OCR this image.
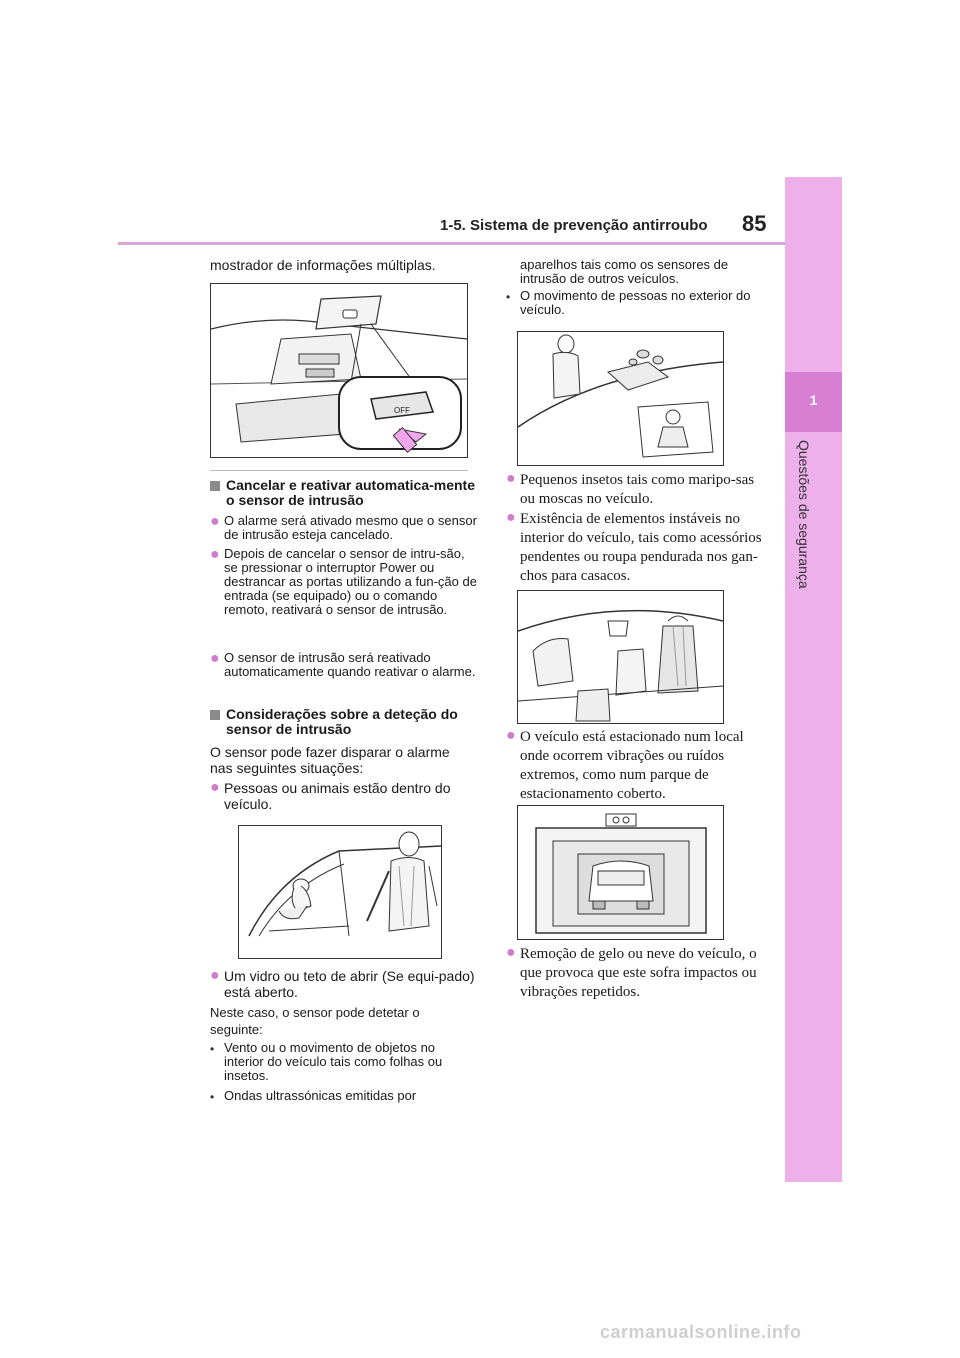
1
Questões de segurança
1-5. Sistema de prevenção antirroubo 85
mostrador de informações múltiplas.
OFF
Cancelar e reativar automatica-mente o sensor de intrusão
● O alarme será ativado mesmo que o sensor de intrusão esteja cancelado.
● Depois de cancelar o sensor de intru-são, se pressionar o interruptor Power ou destrancar as portas utilizando a fun-ção de entrada (se equipado) ou o comando remoto, reativará o sensor de intrusão.
● O sensor de intrusão será reativado automaticamente quando reativar o alarme.
Considerações sobre a deteção do sensor de intrusão
O sensor pode fazer disparar o alarme nas seguintes situações:
● Pessoas ou animais estão dentro do veículo.
● Um vidro ou teto de abrir (Se equi-pado) está aberto.
Neste caso, o sensor pode detetar o seguinte:
• Vento ou o movimento de objetos no interior do veículo tais como folhas ou insetos.
• Ondas ultrassónicas emitidas por
aparelhos tais como os sensores de intrusão de outros veículos.
• O movimento de pessoas no exterior do veículo.
● Pequenos insetos tais como maripo-sas ou moscas no veículo.
● Existência de elementos instáveis no interior do veículo, tais como acessórios pendentes ou roupa pendurada nos gan-chos para casacos.
● O veículo está estacionado num local onde ocorrem vibrações ou ruídos extremos, como num parque de estacionamento coberto.
● Remoção de gelo ou neve do veículo, o que provoca que este sofra impactos ou vibrações repetidos.
carmanualsonline.info
